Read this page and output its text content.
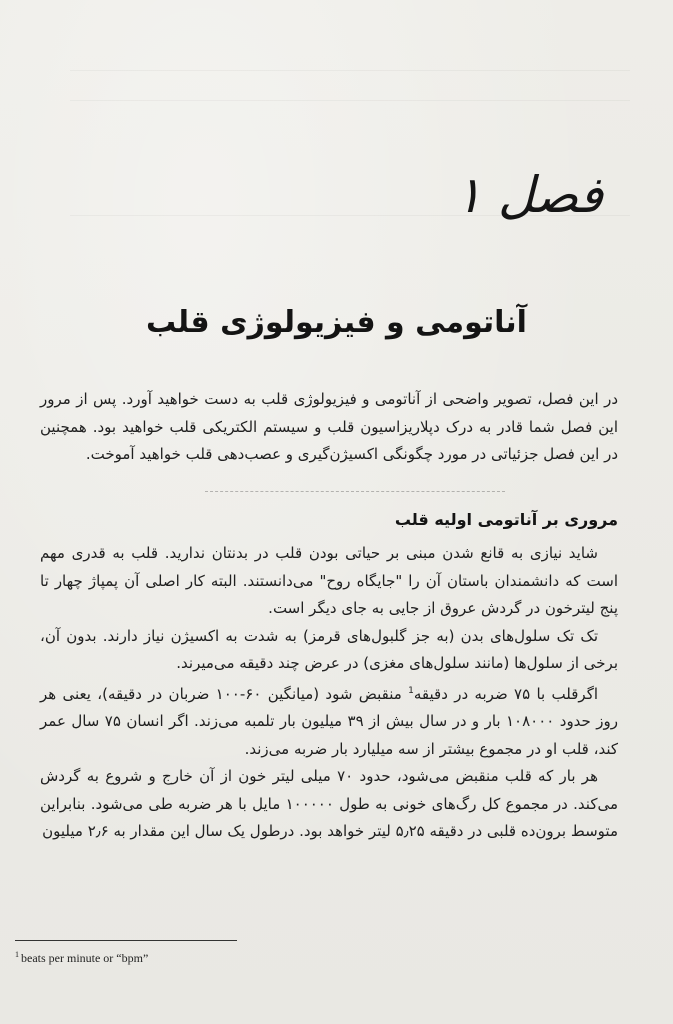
فصل ۱
آناتومی و فیزیولوژی قلب

در این فصل، تصویر واضحی از آناتومی و فیزیولوژی قلب به دست خواهید آورد. پس از مرور این فصل شما قادر به درک دپلاریزاسیون قلب و سیستم الکتریکی قلب خواهید بود. همچنین در این فصل جزئیاتی در مورد چگونگی اکسیژن‌گیری و عصب‌دهی قلب خواهید آموخت.

مروری بر آناتومی اولیه قلب

شاید نیازی به قانع شدن مبنی بر حیاتی بودن قلب در بدنتان ندارید. قلب به قدری مهم است که دانشمندان باستان آن را "جایگاه روح" می‌دانستند. البته کار اصلی آن پمپاژ چهار تا پنج لیترخون در گردش عروق از جایی به جای دیگر است.

تک تک سلول‌های بدن (به جز گلبول‌های قرمز) به شدت به اکسیژن نیاز دارند. بدون آن، برخی از سلول‌ها (مانند سلول‌های مغزی) در عرض چند دقیقه می‌میرند.

اگرقلب با ۷۵ ضربه در دقیقه$^1$ منقبض شود (میانگین ۶۰-۱۰۰ ضربان در دقیقه)، یعنی هر روز حدود ۱۰۸۰۰۰ بار و در سال بیش از ۳۹ میلیون بار تلمبه می‌زند. اگر انسان ۷۵ سال عمر کند، قلب او در مجموع بیشتر از سه میلیارد بار ضربه می‌زند.

هر بار که قلب منقبض می‌شود، حدود ۷۰ میلی لیتر خون از آن خارج و شروع به گردش می‌کند. در مجموع کل رگ‌های خونی به طول ۱۰۰۰۰۰ مایل با هر ضربه طی می‌شود. بنابراین متوسط برون‌ده قلبی در دقیقه ۵٫۲۵ لیتر خواهد بود. درطول یک سال این مقدار به ۲٫۶ میلیون

$^1$ beats per minute or “bpm”
